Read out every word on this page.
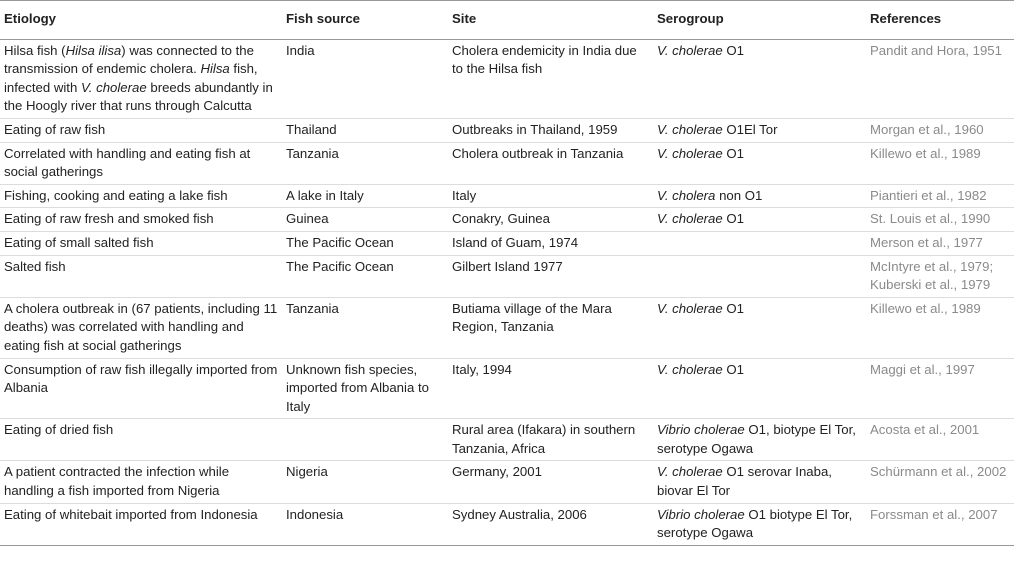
Etiology	Fish source	Site	Serogroup	References
Hilsa fish (Hilsa ilisa) was connected to the transmission of endemic cholera. Hilsa fish, infected with V. cholerae breeds abundantly in the Hoogly river that runs through Calcutta	India	Cholera endemicity in India due to the Hilsa fish	V. cholerae O1	Pandit and Hora, 1951
Eating of raw fish	Thailand	Outbreaks in Thailand, 1959	V. cholerae O1El Tor	Morgan et al., 1960
Correlated with handling and eating fish at social gatherings	Tanzania	Cholera outbreak in Tanzania	V. cholerae O1	Killewo et al., 1989
Fishing, cooking and eating a lake fish	A lake in Italy	Italy	V. cholera non O1	Piantieri et al., 1982
Eating of raw fresh and smoked fish	Guinea	Conakry, Guinea	V. cholerae O1	St. Louis et al., 1990
Eating of small salted fish	The Pacific Ocean	Island of Guam, 1974		Merson et al., 1977
Salted fish	The Pacific Ocean	Gilbert Island 1977		McIntyre et al., 1979; Kuberski et al., 1979
A cholera outbreak in (67 patients, including 11 deaths) was correlated with handling and eating fish at social gatherings	Tanzania	Butiama village of the Mara Region, Tanzania	V. cholerae O1	Killewo et al., 1989
Consumption of raw fish illegally imported from Albania	Unknown fish species, imported from Albania to Italy	Italy, 1994	V. cholerae O1	Maggi et al., 1997
Eating of dried fish		Rural area (Ifakara) in southern Tanzania, Africa	Vibrio cholerae O1, biotype El Tor, serotype Ogawa	Acosta et al., 2001
A patient contracted the infection while handling a fish imported from Nigeria	Nigeria	Germany, 2001	V. cholerae O1 serovar Inaba, biovar El Tor	Schürmann et al., 2002
Eating of whitebait imported from Indonesia	Indonesia	Sydney Australia, 2006	Vibrio cholerae O1 biotype El Tor, serotype Ogawa	Forssman et al., 2007
